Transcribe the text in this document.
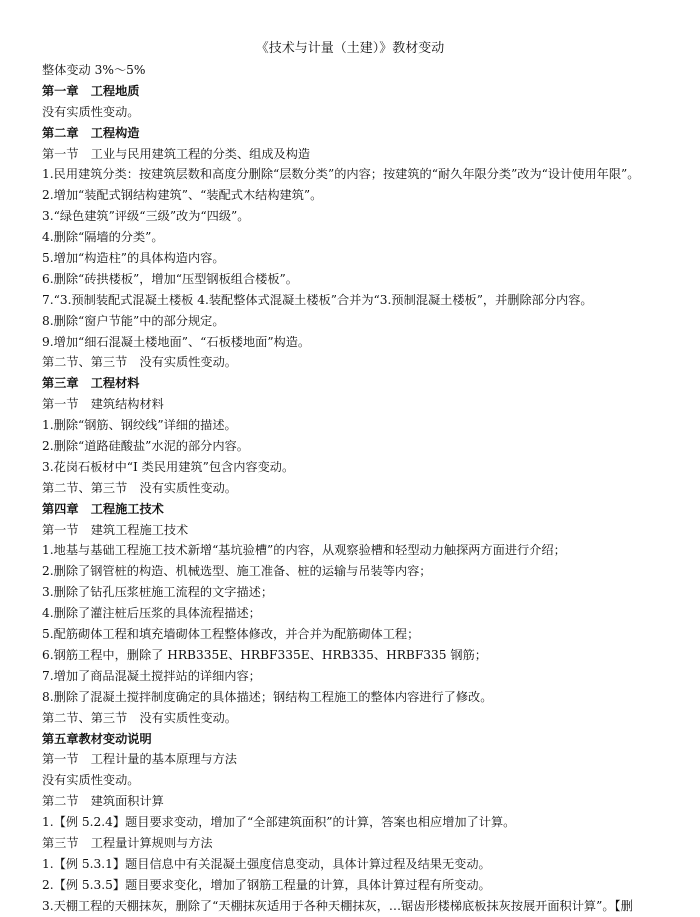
《技术与计量（土建）》教材变动
整体变动 3%～5%
第一章　工程地质
没有实质性变动。
第二章　工程构造
第一节　工业与民用建筑工程的分类、组成及构造
1.民用建筑分类：按建筑层数和高度分删除“层数分类”的内容；按建筑的“耐久年限分类”改为“设计使用年限”。
2.增加“装配式钢结构建筑”、“装配式木结构建筑”。
3.“绿色建筑”评级“三级”改为“四级”。
4.删除“隔墙的分类”。
5.增加“构造柱”的具体构造内容。
6.删除“砖拱楼板”，增加“压型钢板组合楼板”。
7.“3.预制装配式混凝土楼板 4.装配整体式混凝土楼板”合并为“3.预制混凝土楼板”，并删除部分内容。
8.删除“窗户节能”中的部分规定。
9.增加“细石混凝土楼地面”、“石板楼地面”构造。
第二节、第三节　没有实质性变动。
第三章　工程材料
第一节　建筑结构材料
1.删除“钢筋、钢绞线”详细的描述。
2.删除“道路硅酸盐”水泥的部分内容。
3.花岗石板材中“I 类民用建筑”包含内容变动。
第二节、第三节　没有实质性变动。
第四章　工程施工技术
第一节　建筑工程施工技术
1.地基与基础工程施工技术新增“基坑验槽”的内容，从观察验槽和轻型动力触探两方面进行介绍；
2.删除了钢管桩的构造、机械选型、施工准备、桩的运输与吊装等内容；
3.删除了钻孔压浆桩施工流程的文字描述；
4.删除了灌注桩后压浆的具体流程描述；
5.配筋砌体工程和填充墙砌体工程整体修改，并合并为配筋砌体工程；
6.钢筋工程中，删除了 HRB335E、HRBF335E、HRB335、HRBF335 钢筋；
7.增加了商品混凝土搅拌站的详细内容；
8.删除了混凝土搅拌制度确定的具体描述；钢结构工程施工的整体内容进行了修改。
第二节、第三节　没有实质性变动。
第五章教材变动说明
第一节　工程计量的基本原理与方法
没有实质性变动。
第二节　建筑面积计算
1.【例 5.2.4】题目要求变动，增加了“全部建筑面积”的计算，答案也相应增加了计算。
第三节　工程量计算规则与方法
1.【例 5.3.1】题目信息中有关混凝土强度信息变动，具体计算过程及结果无变动。
2.【例 5.3.5】题目要求变化，增加了钢筋工程量的计算，具体计算过程有所变动。
3.天棚工程的天棚抹灰，删除了“天棚抹灰适用于各种天棚抹灰，…锯齿形楼梯底板抹灰按展开面积计算”。【删
